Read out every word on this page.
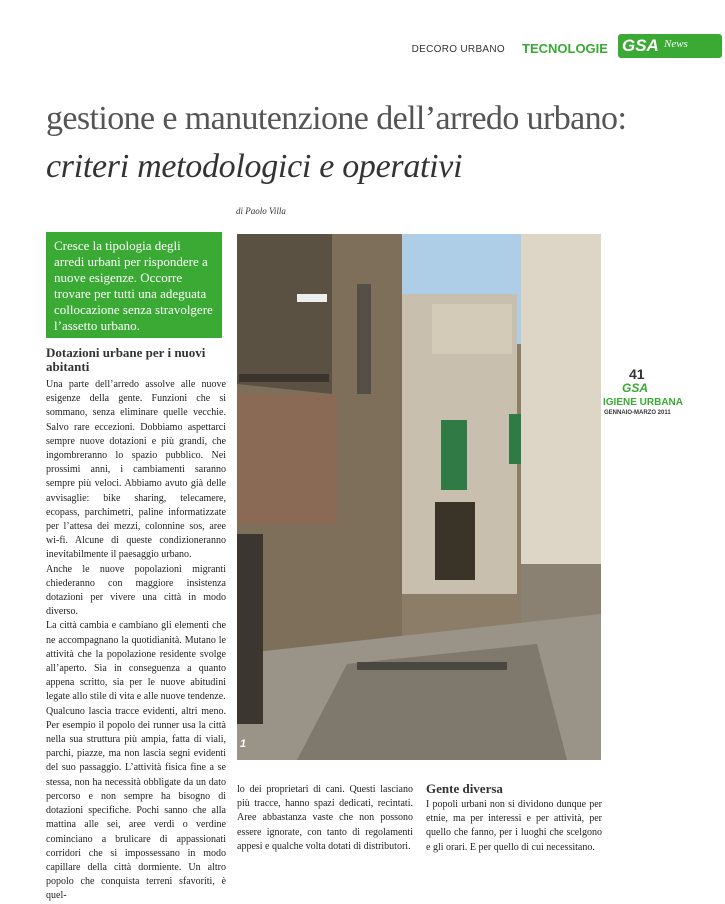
DECORO URBANO TECNOLOGIE GSA News
gestione e manutenzione dell’arredo urbano:
criteri metodologici e operativi
di Paolo Villa
Cresce la tipologia degli arredi urbani per rispondere a nuove esigenze. Occorre trovare per tutti una adeguata collocazione senza stravolgere l’assetto urbano.
Dotazioni urbane per i nuovi abitanti

Una parte dell’arredo assolve alle nuove esigenze della gente. Funzioni che si sommano, senza eliminare quelle vecchie. Salvo rare eccezioni. Dobbiamo aspettarci sempre nuove dotazioni e più grandi, che ingombreranno lo spazio pubblico. Nei prossimi anni, i cambiamenti saranno sempre più veloci. Abbiamo avuto già delle avvisaglie: bike sharing, telecamere, ecopass, parchimetri, paline informatizzate per l’attesa dei mezzi, colonnine sos, aree wi-fi. Alcune di queste condizioneranno inevitabilmente il paesaggio urbano.

Anche le nuove popolazioni migranti chiederanno con maggiore insistenza dotazioni per vivere una città in modo diverso.

La città cambia e cambiano gli elementi che ne accompagnano la quotidianità. Mutano le attività che la popolazione residente svolge all’aperto. Sia in conseguenza a quanto appena scritto, sia per le nuove abitudini legate allo stile di vita e alle nuove tendenze.

Qualcuno lascia tracce evidenti, altri meno. Per esempio il popolo dei runner usa la città nella sua struttura più ampia, fatta di viali, parchi, piazze, ma non lascia segni evidenti del suo passaggio. L’attività fisica fine a se stessa, non ha necessità obbligate da un dato percorso e non sempre ha bisogno di dotazioni specifiche. Pochi sanno che alla mattina alle sei, aree verdi o verdine cominciano a brulicare di appassionati corridori che si impossessano in modo capillare della città dormiente. Un altro popolo che conquista terreni sfavoriti, è quel-

1

lo dei proprietari di cani. Questi lasciano più tracce, hanno spazi dedicati, recintati. Aree abbastanza vaste che non possono essere ignorate, con tanto di regolamenti appesi e qualche volta dotati di distributori.

Gente diversa

I popoli urbani non si dividono dunque per etnie, ma per interessi e per attività, per quello che fanno, per i luoghi che scelgono e gli orari. E per quello di cui necessitano.

41
GSA
IGIENE URBANA
GENNAIO-MARZO 2011
